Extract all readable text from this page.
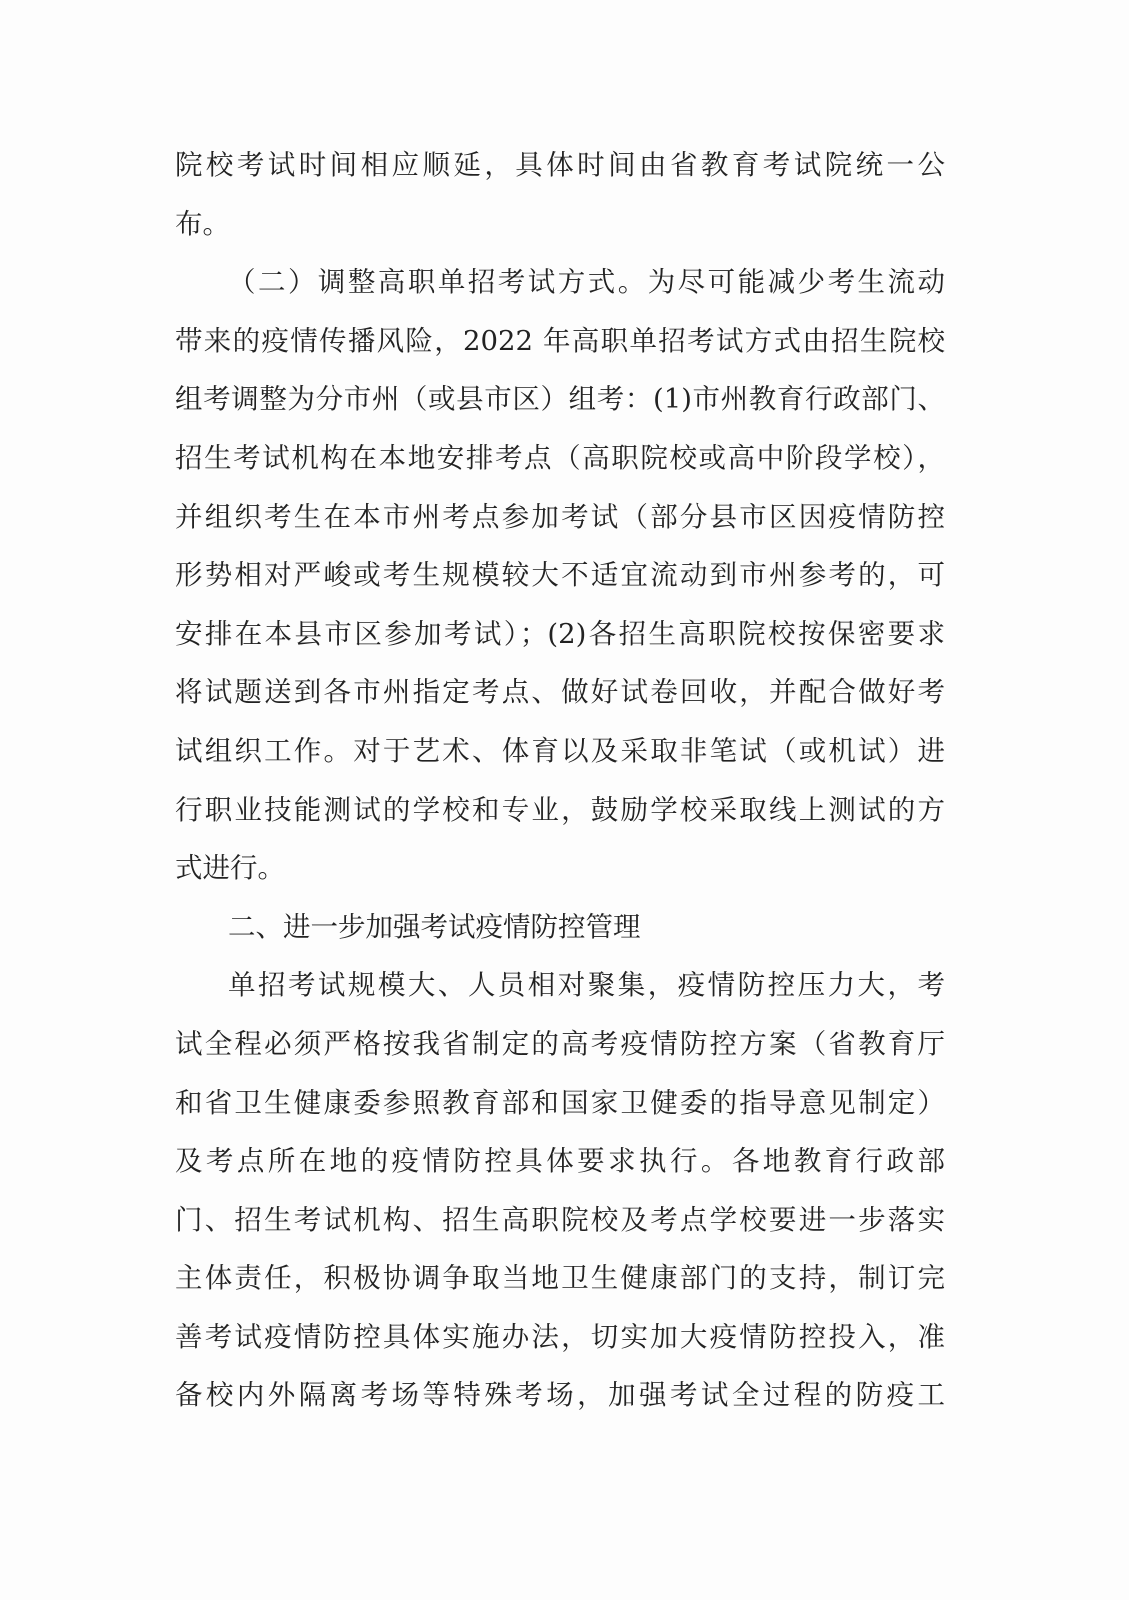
院校考试时间相应顺延，具体时间由省教育考试院统一公
布。
（二）调整高职单招考试方式。为尽可能减少考生流动
带来的疫情传播风险，2022 年高职单招考试方式由招生院校
组考调整为分市州（或县市区）组考：(1)市州教育行政部门、
招生考试机构在本地安排考点（高职院校或高中阶段学校），
并组织考生在本市州考点参加考试（部分县市区因疫情防控
形势相对严峻或考生规模较大不适宜流动到市州参考的，可
安排在本县市区参加考试）；(2)各招生高职院校按保密要求
将试题送到各市州指定考点、做好试卷回收，并配合做好考
试组织工作。对于艺术、体育以及采取非笔试（或机试）进
行职业技能测试的学校和专业，鼓励学校采取线上测试的方
式进行。
二、进一步加强考试疫情防控管理
单招考试规模大、人员相对聚集，疫情防控压力大，考
试全程必须严格按我省制定的高考疫情防控方案（省教育厅
和省卫生健康委参照教育部和国家卫健委的指导意见制定）
及考点所在地的疫情防控具体要求执行。各地教育行政部
门、招生考试机构、招生高职院校及考点学校要进一步落实
主体责任，积极协调争取当地卫生健康部门的支持，制订完
善考试疫情防控具体实施办法，切实加大疫情防控投入，准
备校内外隔离考场等特殊考场，加强考试全过程的防疫工
